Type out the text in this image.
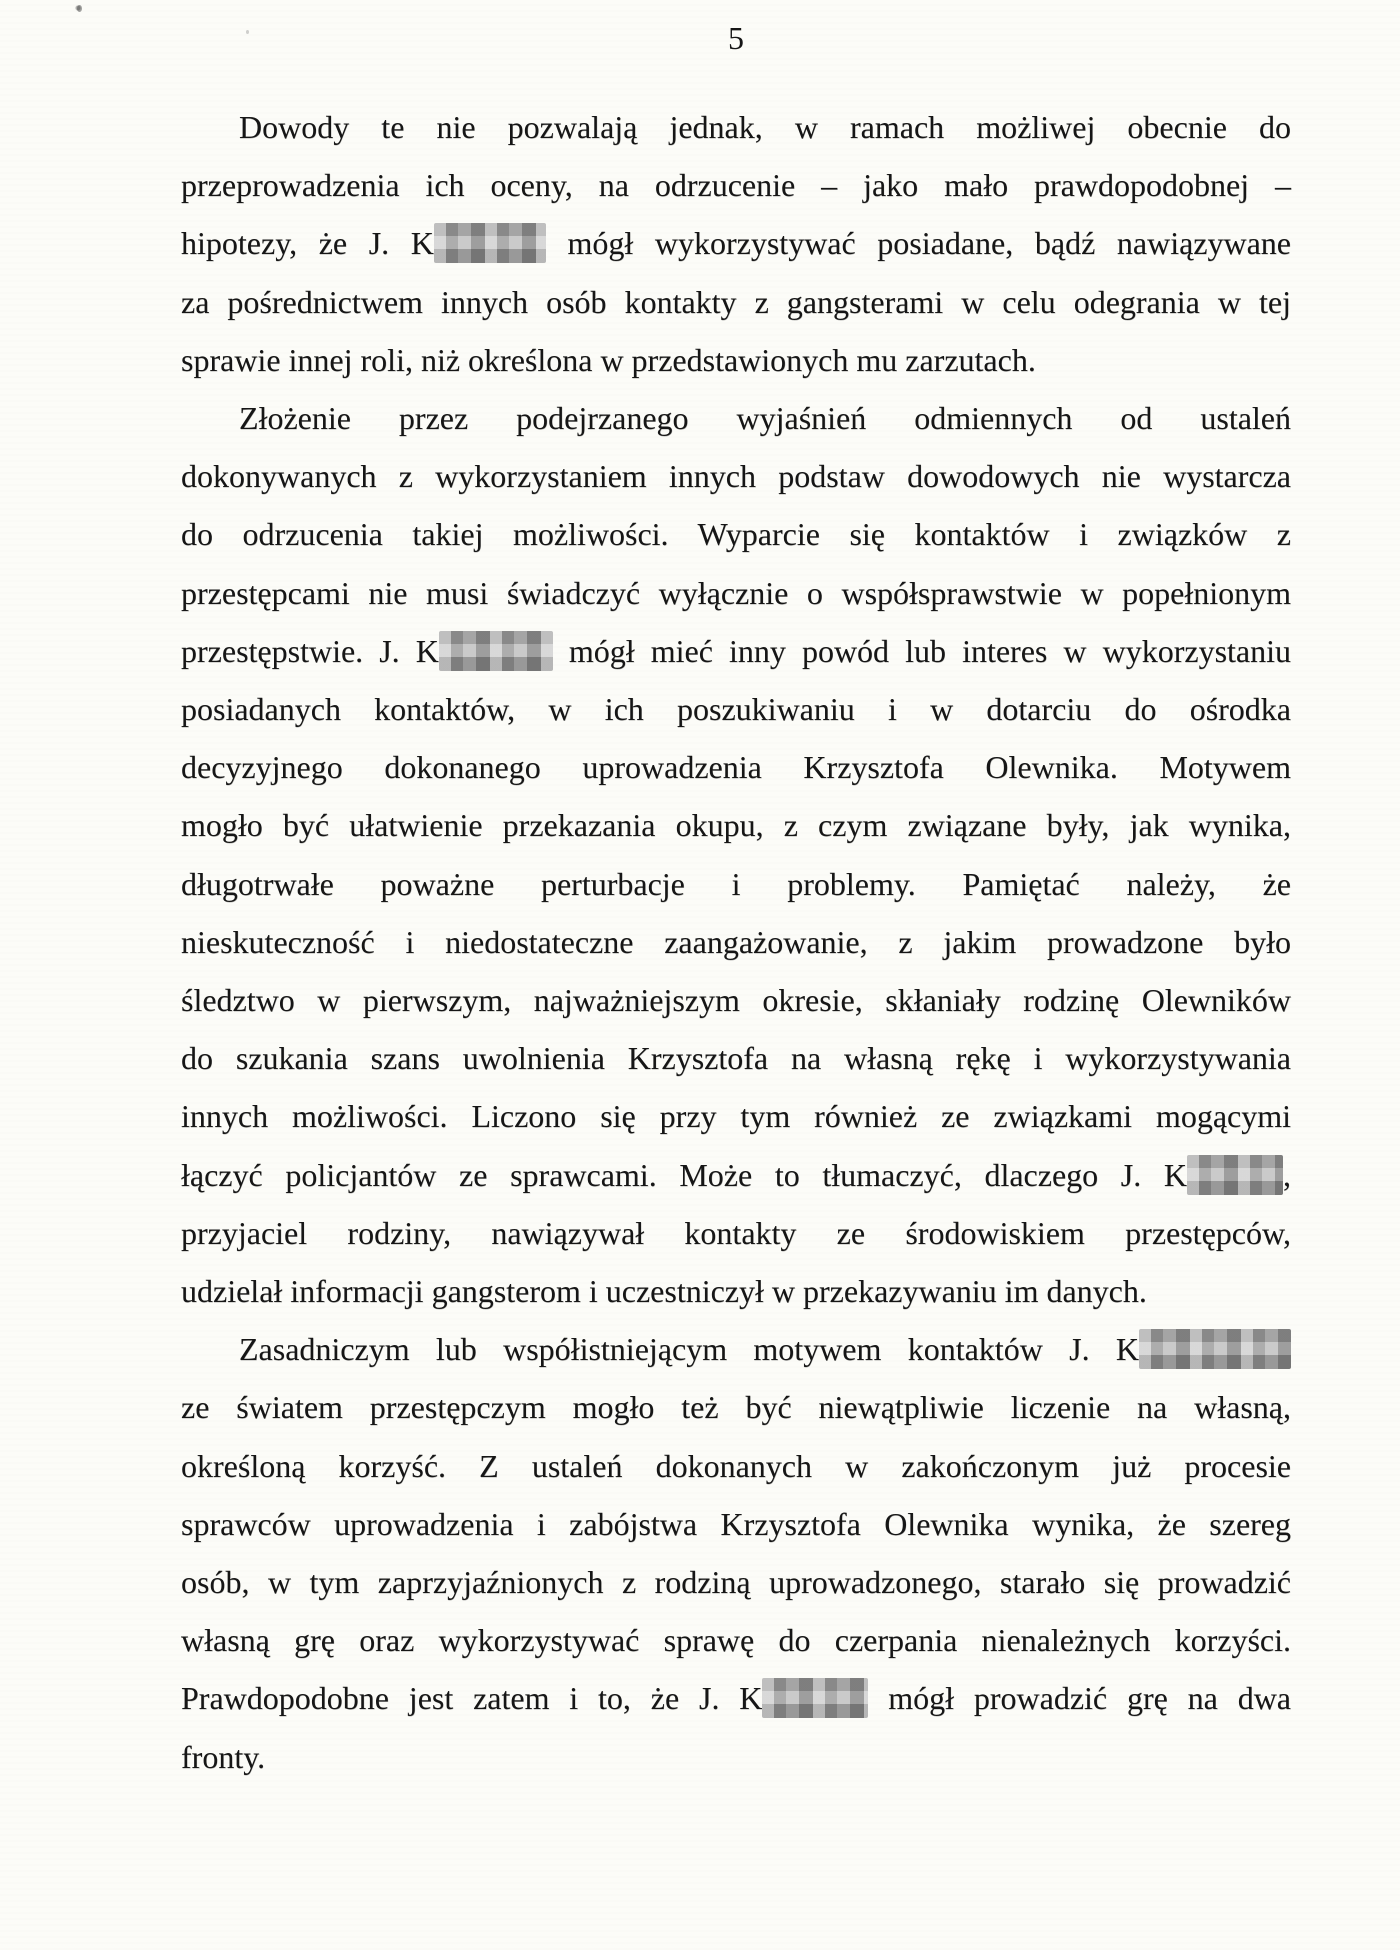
5
Dowody te nie pozwalają jednak, w ramach możliwej obecnie do
przeprowadzenia ich oceny, na odrzucenie – jako mało prawdopodobnej –
hipotezy, że J. K	mógł wykorzystywać posiadane, bądź nawiązywane
za pośrednictwem innych osób kontakty z gangsterami w celu odegrania w tej
sprawie innej roli, niż określona w przedstawionych mu zarzutach.
Złożenie przez podejrzanego wyjaśnień odmiennych od ustaleń
dokonywanych z wykorzystaniem innych podstaw dowodowych nie wystarcza
do odrzucenia takiej możliwości. Wyparcie się kontaktów i związków z
przestępcami nie musi świadczyć wyłącznie o współsprawstwie w popełnionym
przestępstwie. J. K	mógł mieć inny powód lub interes w wykorzystaniu
posiadanych kontaktów, w ich poszukiwaniu i w dotarciu do ośrodka
decyzyjnego dokonanego uprowadzenia Krzysztofa Olewnika. Motywem
mogło być ułatwienie przekazania okupu, z czym związane były, jak wynika,
długotrwałe poważne perturbacje i problemy. Pamiętać należy, że
nieskuteczność i niedostateczne zaangażowanie, z jakim prowadzone było
śledztwo w pierwszym, najważniejszym okresie, skłaniały rodzinę Olewników
do szukania szans uwolnienia Krzysztofa na własną rękę i wykorzystywania
innych możliwości. Liczono się przy tym również ze związkami mogącymi
łączyć policjantów ze sprawcami. Może to tłumaczyć, dlaczego J. K	,
przyjaciel rodziny, nawiązywał kontakty ze środowiskiem przestępców,
udzielał informacji gangsterom i uczestniczył w przekazywaniu im danych.
Zasadniczym lub współistniejącym motywem kontaktów J. K
ze światem przestępczym mogło też być niewątpliwie liczenie na własną,
określoną korzyść. Z ustaleń dokonanych w zakończonym już procesie
sprawców uprowadzenia i zabójstwa Krzysztofa Olewnika wynika, że szereg
osób, w tym zaprzyjaźnionych z rodziną uprowadzonego, starało się prowadzić
własną grę oraz wykorzystywać sprawę do czerpania nienależnych korzyści.
Prawdopodobne jest zatem i to, że J. K	mógł prowadzić grę na dwa
fronty.
